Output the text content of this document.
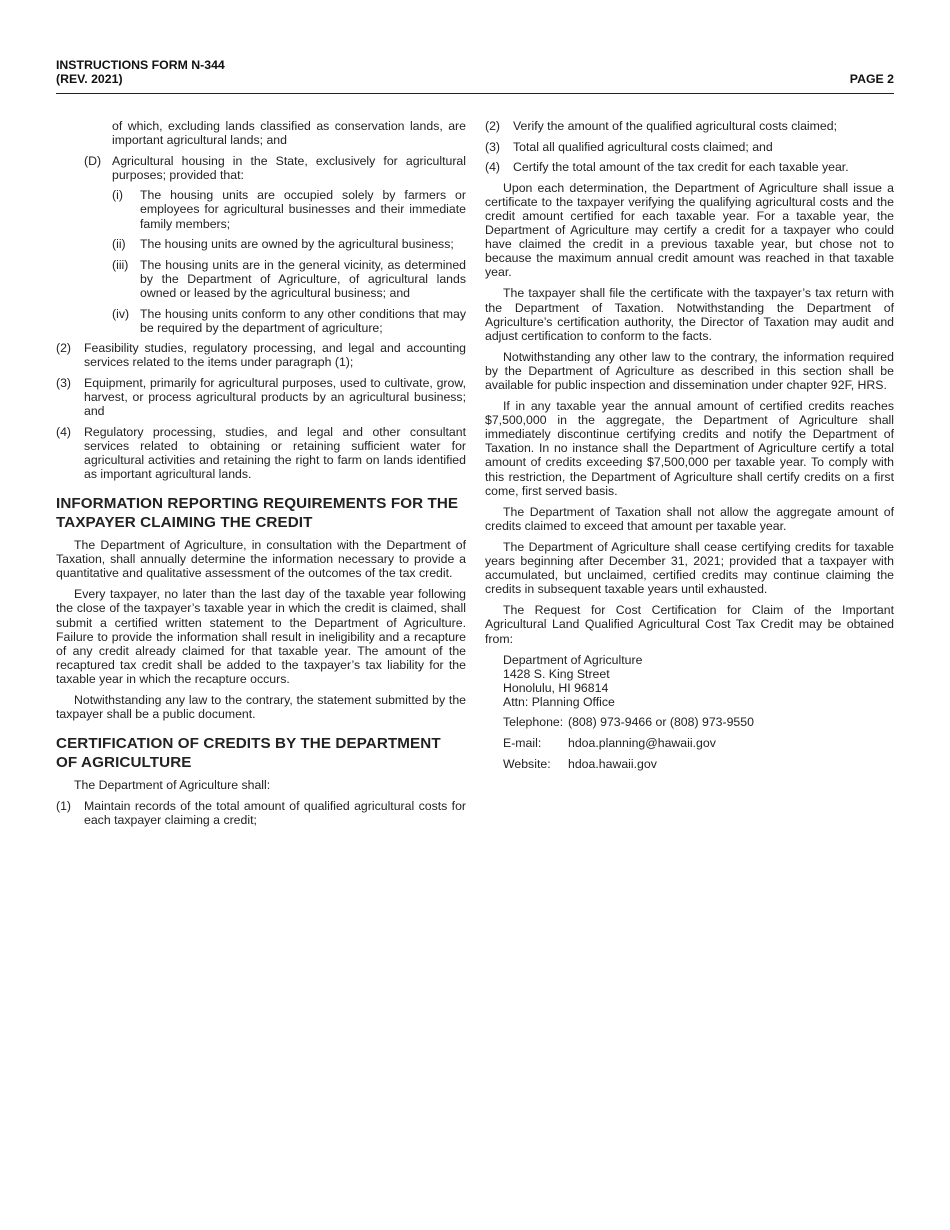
INSTRUCTIONS FORM N-344
(REV. 2021)	PAGE 2
of which, excluding lands classified as conservation lands, are important agricultural lands; and
(D) Agricultural housing in the State, exclusively for agricultural purposes; provided that:
(i) The housing units are occupied solely by farmers or employees for agricultural businesses and their immediate family members;
(ii) The housing units are owned by the agricultural business;
(iii) The housing units are in the general vicinity, as determined by the Department of Agriculture, of agricultural lands owned or leased by the agricultural business; and
(iv) The housing units conform to any other conditions that may be required by the department of agriculture;
(2) Feasibility studies, regulatory processing, and legal and accounting services related to the items under paragraph (1);
(3) Equipment, primarily for agricultural purposes, used to cultivate, grow, harvest, or process agricultural products by an agricultural business; and
(4) Regulatory processing, studies, and legal and other consultant services related to obtaining or retaining sufficient water for agricultural activities and retaining the right to farm on lands identified as important agricultural lands.
INFORMATION REPORTING REQUIREMENTS FOR THE TAXPAYER CLAIMING THE CREDIT

The Department of Agriculture, in consultation with the Department of Taxation, shall annually determine the information necessary to provide a quantitative and qualitative assessment of the outcomes of the tax credit.

Every taxpayer, no later than the last day of the taxable year following the close of the taxpayer’s taxable year in which the credit is claimed, shall submit a certified written statement to the Department of Agriculture. Failure to provide the information shall result in ineligibility and a recapture of any credit already claimed for that taxable year. The amount of the recaptured tax credit shall be added to the taxpayer’s tax liability for the taxable year in which the recapture occurs.

Notwithstanding any law to the contrary, the statement submitted by the taxpayer shall be a public document.

CERTIFICATION OF CREDITS BY THE DEPARTMENT OF AGRICULTURE

The Department of Agriculture shall:

(1) Maintain records of the total amount of qualified agricultural costs for each taxpayer claiming a credit;
(2) Verify the amount of the qualified agricultural costs claimed;
(3) Total all qualified agricultural costs claimed; and
(4) Certify the total amount of the tax credit for each taxable year.

Upon each determination, the Department of Agriculture shall issue a certificate to the taxpayer verifying the qualifying agricultural costs and the credit amount certified for each taxable year. For a taxable year, the Department of Agriculture may certify a credit for a taxpayer who could have claimed the credit in a previous taxable year, but chose not to because the maximum annual credit amount was reached in that taxable year.

The taxpayer shall file the certificate with the taxpayer’s tax return with the Department of Taxation. Notwithstanding the Department of Agriculture’s certification authority, the Director of Taxation may audit and adjust certification to conform to the facts.

Notwithstanding any other law to the contrary, the information required by the Department of Agriculture as described in this section shall be available for public inspection and dissemination under chapter 92F, HRS.

If in any taxable year the annual amount of certified credits reaches $7,500,000 in the aggregate, the Department of Agriculture shall immediately discontinue certifying credits and notify the Department of Taxation. In no instance shall the Department of Agriculture certify a total amount of credits exceeding $7,500,000 per taxable year. To comply with this restriction, the Department of Agriculture shall certify credits on a first come, first served basis.

The Department of Taxation shall not allow the aggregate amount of credits claimed to exceed that amount per taxable year.

The Department of Agriculture shall cease certifying credits for taxable years beginning after December 31, 2021; provided that a taxpayer with accumulated, but unclaimed, certified credits may continue claiming the credits in subsequent taxable years until exhausted.

The Request for Cost Certification for Claim of the Important Agricultural Land Qualified Agricultural Cost Tax Credit may be obtained from:

Department of Agriculture
1428 S. King Street
Honolulu, HI 96814
Attn: Planning Office
Telephone: (808) 973-9466 or (808) 973-9550
E-mail: hdoa.planning@hawaii.gov
Website: hdoa.hawaii.gov
